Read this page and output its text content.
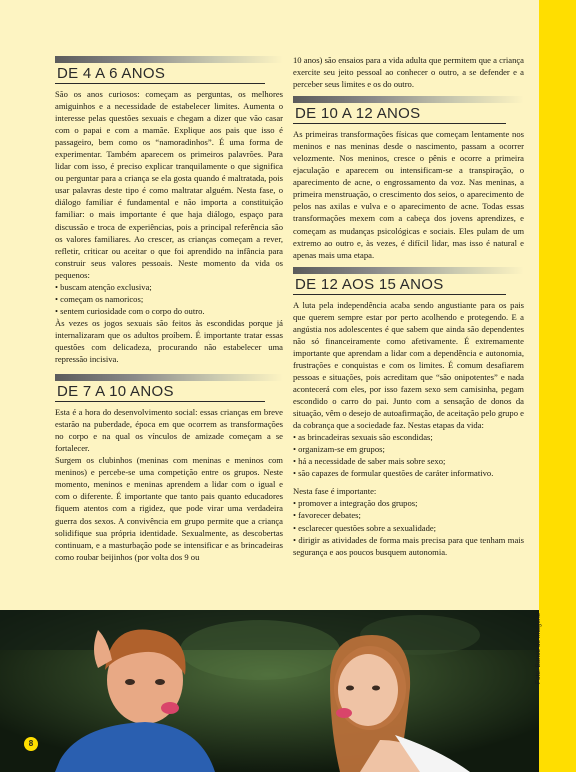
DE 4 A 6 ANOS

São os anos curiosos: começam as perguntas, os melhores amiguinhos e a necessidade de estabelecer limites. Aumenta o interesse pelas questões sexuais e chegam a dizer que vão casar com o papai e com a mamãe. Explique aos pais que isso é passageiro, bem como os “namoradinhos”. É uma forma de experimentar. Também aparecem os primeiros palavrões. Para lidar com isso, é preciso explicar tranquilamente o que significa ou perguntar para a criança se ela gosta quando é maltratada, pois usar palavras deste tipo é como maltratar alguém. Nesta fase, o diálogo familiar é fundamental e não importa a constituição familiar: o mais importante é que haja diálogo, espaço para discussão e troca de experiências, pois a principal referência são os valores familiares. Ao crescer, as crianças começam a rever, refletir, criticar ou aceitar o que foi aprendido na infância para construir seus valores pessoais. Neste momento da vida os pequenos:

• buscam atenção exclusiva;

• começam os namoricos;

• sentem curiosidade com o corpo do outro.

Às vezes os jogos sexuais são feitos às escondidas porque já internalizaram que os adultos proíbem. É importante tratar essas questões com delicadeza, procurando não estabelecer uma repressão incisiva.

DE 7 A 10 ANOS

Esta é a hora do desenvolvimento social: essas crianças em breve estarão na puberdade, época em que ocorrem as transformações no corpo e na qual os vínculos de amizade começam a se fortalecer.

Surgem os clubinhos (meninas com meninas e meninos com meninos) e percebe-se uma competição entre os grupos. Neste momento, meninos e meninas aprendem a lidar com o igual e com o diferente. É importante que tanto pais quanto educadores fiquem atentos com a rigidez, que pode virar uma verdadeira guerra dos sexos. A convivência em grupo permite que a criança solidifique sua própria identidade. Sexualmente, as descobertas continuam, e a masturbação pode se intensificar e as brincadeiras como roubar beijinhos (por volta dos 9 ou

10 anos) são ensaios para a vida adulta que permitem que a criança exercite seu jeito pessoal ao conhecer o outro, a se defender e a perceber seus limites e os do outro.

DE 10 A 12 ANOS

As primeiras transformações físicas que começam lentamente nos meninos e nas meninas desde o nascimento, passam a ocorrer velozmente. Nos meninos, cresce o pênis e ocorre a primeira ejaculação e aparecem ou intensificam-se a transpiração, o aparecimento de acne, o engrossamento da voz. Nas meninas, a primeira menstruação, o crescimento dos seios, o aparecimento de pelos nas axilas e vulva e o aparecimento de acne. Todas essas transformações mexem com a cabeça dos jovens aprendizes, e começam as mudanças psicológicas e sociais. Eles pulam de um extremo ao outro e, às vezes, é difícil lidar, mas isso é natural e apenas mais uma etapa.

DE 12 AOS 15 ANOS

A luta pela independência acaba sendo angustiante para os pais que querem sempre estar por perto acolhendo e protegendo. E a angústia nos adolescentes é que sabem que ainda são dependentes não só financeiramente como afetivamente. É extremamente importante que aprendam a lidar com a dependência e autonomia, frustrações e conquistas e com os limites. É comum desafiarem pessoas e situações, pois acreditam que “são onipotentes” e nada acontecerá com eles, por isso fazem sexo sem camisinha, pegam escondido o carro do pai. Junto com a sensação de donos da situação, vêm o desejo de autoafirmação, de aceitação pelo grupo e da cobrança que a sociedade faz. Nestas etapas da vida:

• as brincadeiras sexuais são escondidas;

• organizam-se em grupos;

• há a necessidade de saber mais sobre sexo;

• são capazes de formular questões de caráter informativo.

Nesta fase é importante:

• promover a integração dos grupos;

• favorecer debates;

• esclarecer questões sobre a sexualidade;

• dirigir as atividades de forma mais precisa para que tenham mais segurança e aos poucos busquem autonomia.

Foto: Banco de Imagens
8
